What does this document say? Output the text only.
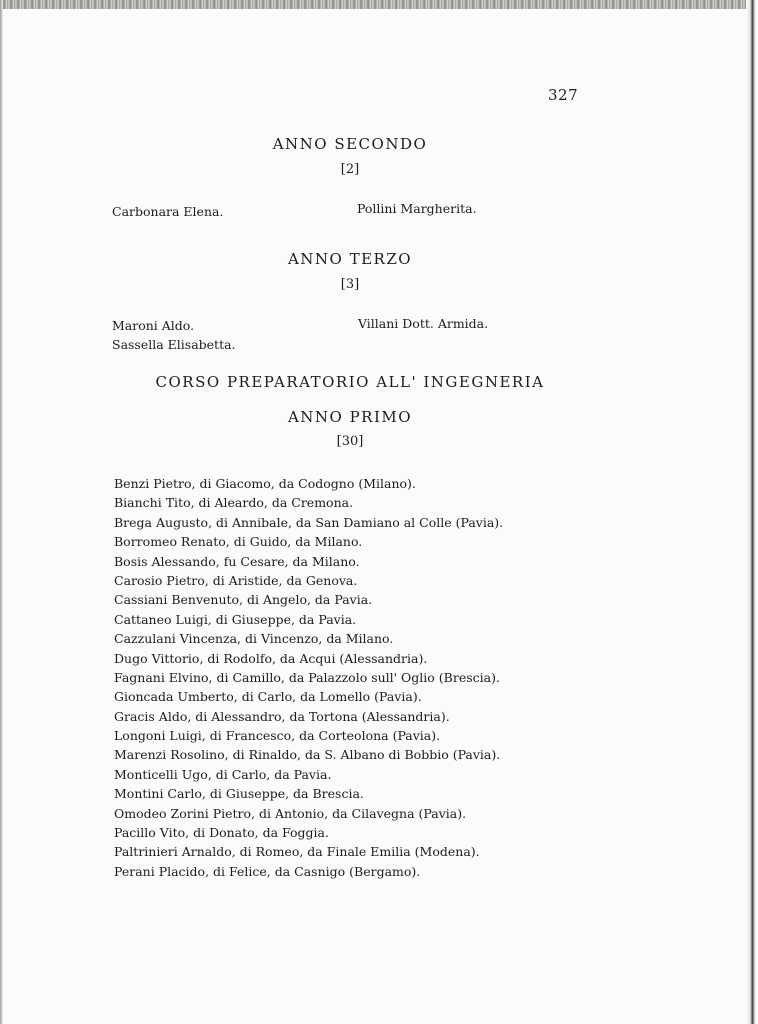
327
ANNO SECONDO
[2]
Carbonara Elena.	Pollini Margherita.
ANNO TERZO
[3]
Maroni Aldo.
Sassella Elisabetta.
Villani Dott. Armida.
CORSO PREPARATORIO ALL' INGEGNERIA
ANNO PRIMO
[30]
Benzi Pietro, di Giacomo, da Codogno (Milano).
Bianchi Tito, di Aleardo, da Cremona.
Brega Augusto, di Annibale, da San Damiano al Colle (Pavia).
Borromeo Renato, di Guido, da Milano.
Bosis Alessando, fu Cesare, da Milano.
Carosio Pietro, di Aristide, da Genova.
Cassiani Benvenuto, di Angelo, da Pavia.
Cattaneo Luigi, di Giuseppe, da Pavia.
Cazzulani Vincenza, di Vincenzo, da Milano.
Dugo Vittorio, di Rodolfo, da Acqui (Alessandria).
Fagnani Elvino, di Camillo, da Palazzolo sull' Oglio (Brescia).
Gioncada Umberto, di Carlo, da Lomello (Pavia).
Gracis Aldo, di Alessandro, da Tortona (Alessandria).
Longoni Luigi, di Francesco, da Corteolona (Pavia).
Marenzi Rosolino, di Rinaldo, da S. Albano di Bobbio (Pavia).
Monticelli Ugo, di Carlo, da Pavia.
Montini Carlo, di Giuseppe, da Brescia.
Omodeo Zorini Pietro, di Antonio, da Cilavegna (Pavia).
Pacillo Vito, di Donato, da Foggia.
Paltrinieri Arnaldo, di Romeo, da Finale Emilia (Modena).
Perani Placido, di Felice, da Casnigo (Bergamo).
